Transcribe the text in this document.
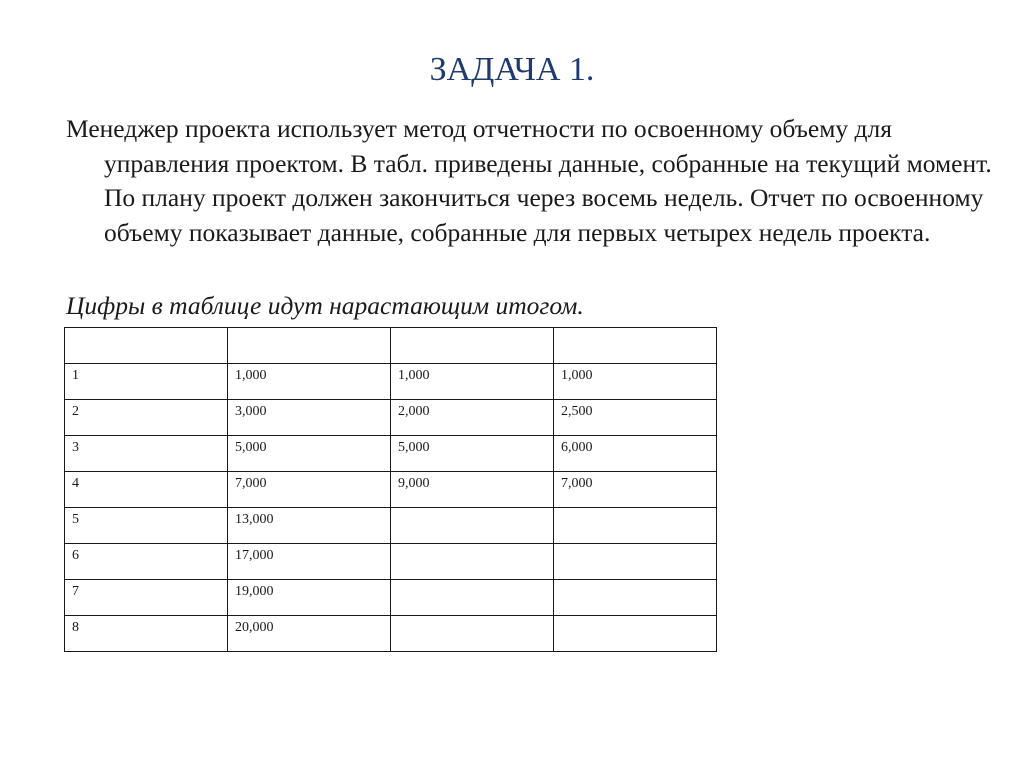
ЗАДАЧА 1.

Менеджер проекта использует метод отчетности по освоенному объему для управления проектом. В табл. приведены данные, собранные на текущий момент. По плану проект должен закончиться через восемь недель. Отчет по освоенному объему показывает данные, собранные для первых четырех недель проекта.

Цифры в таблице идут нарастающим итогом.

1	1,000	1,000	1,000
2	3,000	2,000	2,500
3	5,000	5,000	6,000
4	7,000	9,000	7,000
5	13,000		
6	17,000		
7	19,000		
8	20,000		
